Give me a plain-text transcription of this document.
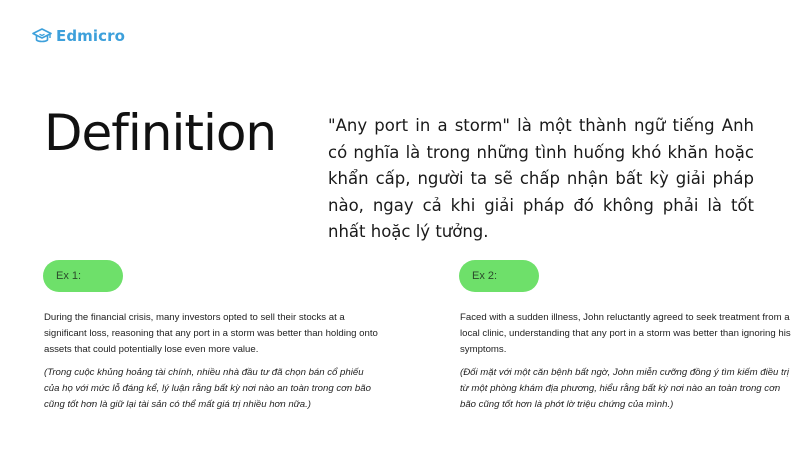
Edmicro
Definition	"Any port in a storm" là một thành ngữ tiếng Anh có nghĩa là trong những tình huống khó khăn hoặc khẩn cấp, người ta sẽ chấp nhận bất kỳ giải pháp nào, ngay cả khi giải pháp đó không phải là tốt nhất hoặc lý tưởng.
Ex 1:

During the financial crisis, many investors opted to sell their stocks at a significant loss, reasoning that any port in a storm was better than holding onto assets that could potentially lose even more value.

(Trong cuộc khủng hoảng tài chính, nhiều nhà đầu tư đã chọn bán cổ phiếu của họ với mức lỗ đáng kể, lý luận rằng bất kỳ nơi nào an toàn trong cơn bão cũng tốt hơn là giữ lại tài sản có thể mất giá trị nhiều hơn nữa.)

Ex 2:

Faced with a sudden illness, John reluctantly agreed to seek treatment from a local clinic, understanding that any port in a storm was better than ignoring his symptoms.

(Đối mặt với một căn bệnh bất ngờ, John miễn cưỡng đồng ý tìm kiếm điều trị từ một phòng khám địa phương, hiểu rằng bất kỳ nơi nào an toàn trong cơn bão cũng tốt hơn là phớt lờ triệu chứng của mình.)
